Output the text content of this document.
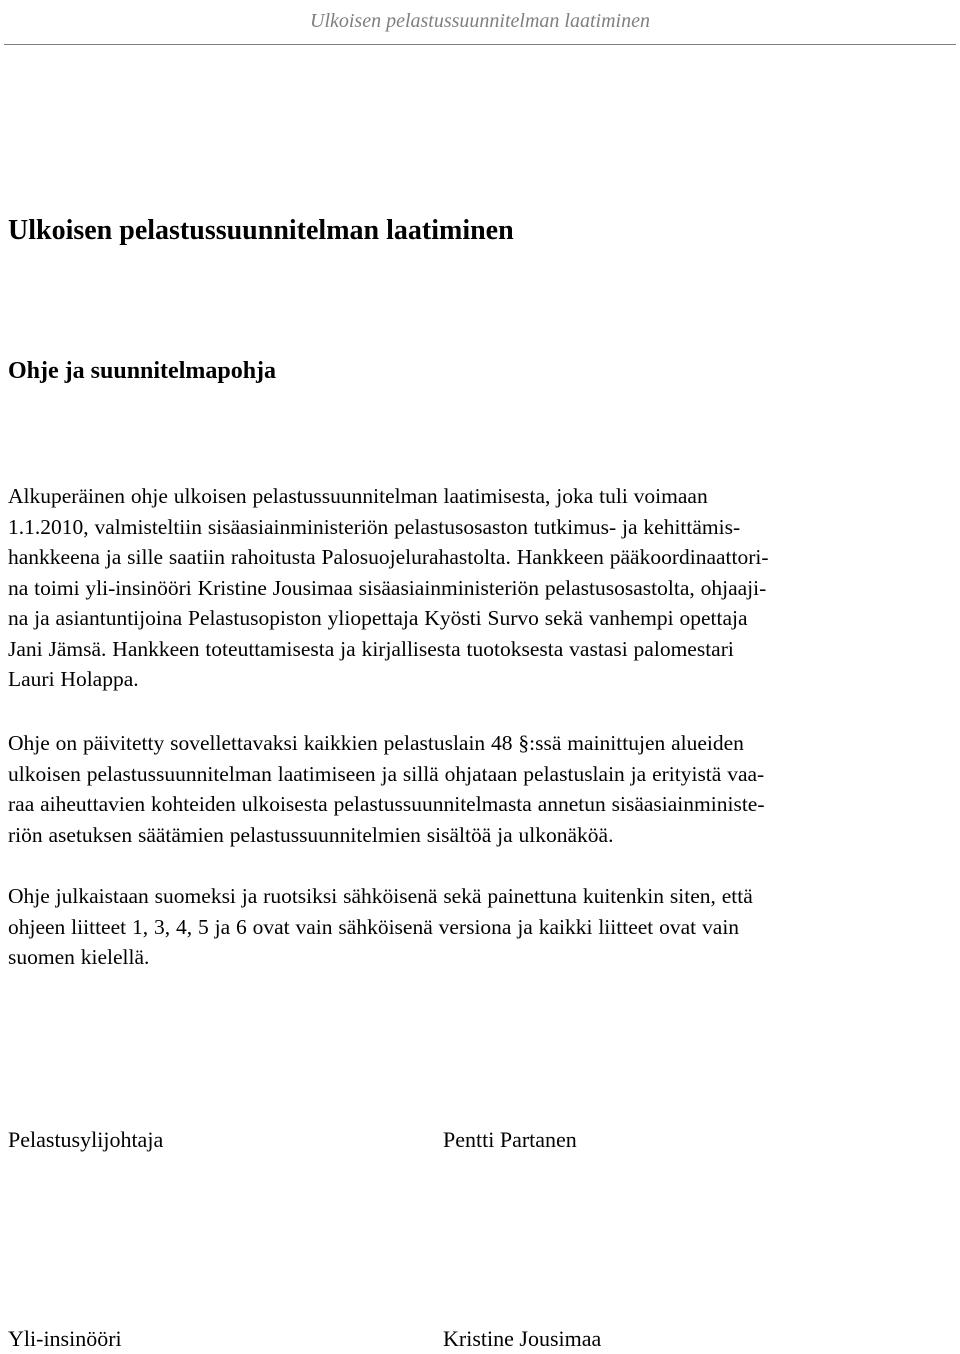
Ulkoisen pelastussuunnitelman laatiminen
Ulkoisen pelastussuunnitelman laatiminen
Ohje ja suunnitelmapohja

Alkuperäinen ohje ulkoisen pelastussuunnitelman laatimisesta, joka tuli voimaan
1.1.2010, valmisteltiin sisäasiainministeriön pelastusosaston tutkimus- ja kehittämis-
hankkeena ja sille saatiin rahoitusta Palosuojelurahastolta. Hankkeen pääkoordinaattori-
na toimi yli-insinööri Kristine Jousimaa sisäasiainministeriön pelastusosastolta, ohjaaji-
na ja asiantuntijoina Pelastusopiston yliopettaja Kyösti Survo sekä vanhempi opettaja
Jani Jämsä. Hankkeen toteuttamisesta ja kirjallisesta tuotoksesta vastasi palomestari
Lauri Holappa.

Ohje on päivitetty sovellettavaksi kaikkien pelastuslain 48 §:ssä mainittujen alueiden
ulkoisen pelastussuunnitelman laatimiseen ja sillä ohjataan pelastuslain ja erityistä vaa-
raa aiheuttavien kohteiden ulkoisesta pelastussuunnitelmasta annetun sisäasiainministe-
riön asetuksen säätämien pelastussuunnitelmien sisältöä ja ulkonäköä.

Ohje julkaistaan suomeksi ja ruotsiksi sähköisenä sekä painettuna kuitenkin siten, että
ohjeen liitteet 1, 3, 4, 5 ja 6 ovat vain sähköisenä versiona ja kaikki liitteet ovat vain
suomen kielellä.

Pelastusylijohtaja	Pentti Partanen
Yli-insinööri	Kristine Jousimaa
